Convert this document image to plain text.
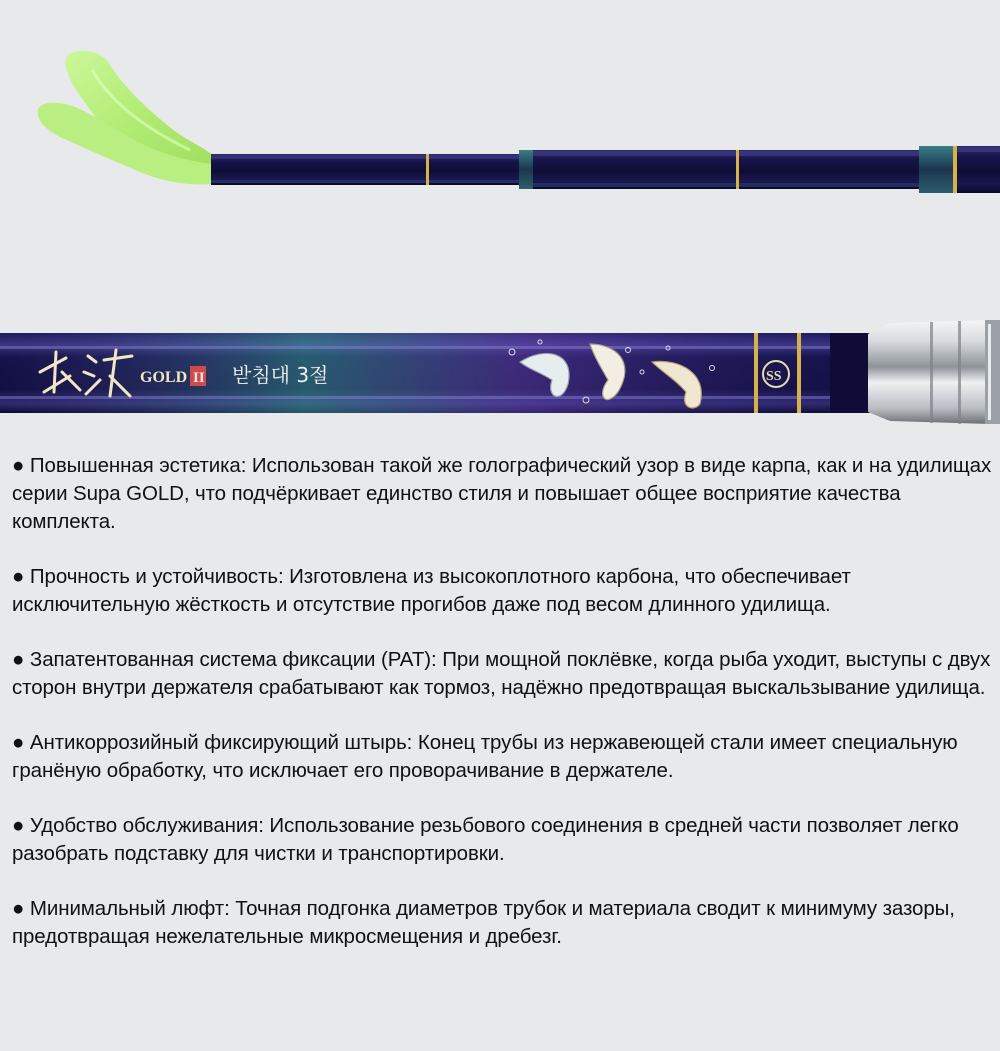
GOLD II 받침대 3절	SS
● Повышенная эстетика: Использован такой же голографический узор в виде карпа, как и на удилищах серии Supa GOLD, что подчёркивает единство стиля и повышает общее восприятие качества комплекта.
● Прочность и устойчивость: Изготовлена из высокоплотного карбона, что обеспечивает исключительную жёсткость и отсутствие прогибов даже под весом длинного удилища.
● Запатентованная система фиксации (PAT): При мощной поклёвке, когда рыба уходит, выступы с двух сторон внутри держателя срабатывают как тормоз, надёжно предотвращая выскальзывание удилища.
● Антикоррозийный фиксирующий штырь: Конец трубы из нержавеющей стали имеет специальную гранёную обработку, что исключает его проворачивание в держателе.
● Удобство обслуживания: Использование резьбового соединения в средней части позволяет легко разобрать подставку для чистки и транспортировки.
● Минимальный люфт: Точная подгонка диаметров трубок и материала сводит к минимуму зазоры, предотвращая нежелательные микросмещения и дребезг.
